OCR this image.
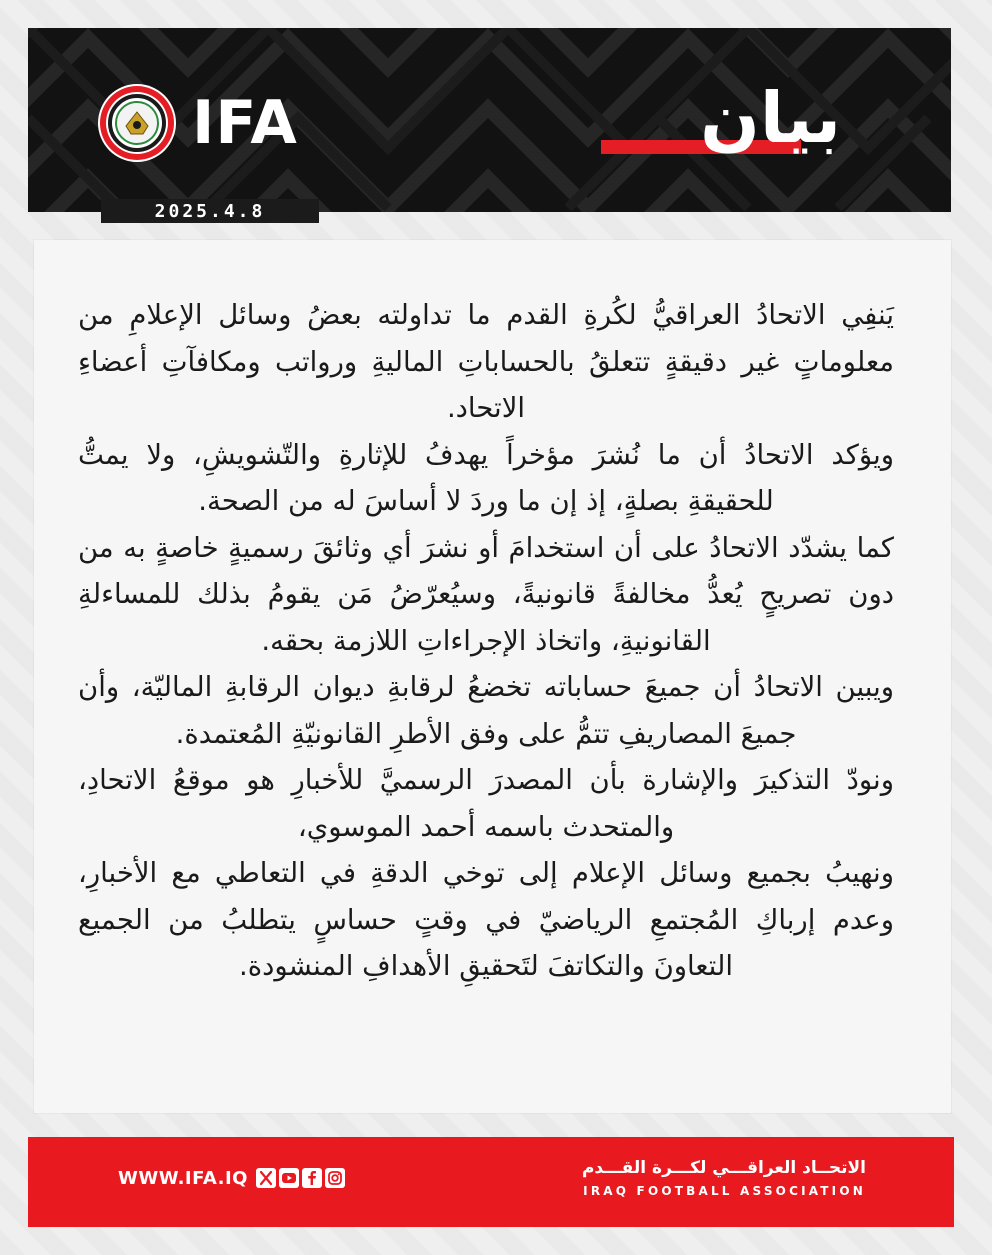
IFA	بيان
2025.4.8

يَنفِي الاتحادُ العراقيُّ لكُرةِ القدم ما تداولته بعضُ وسائل الإعلامِ من معلوماتٍ غير دقيقةٍ تتعلقُ بالحساباتِ الماليةِ ورواتب ومكافآتِ أعضاءِ الاتحاد.

ويؤكد الاتحادُ أن ما نُشرَ مؤخراً يهدفُ للإثارةِ والتّشويشِ، ولا يمتُّ للحقيقةِ بصلةٍ، إذ إن ما وردَ لا أساسَ له من الصحة.

كما يشدّد الاتحادُ على أن استخدامَ أو نشرَ أي وثائقَ رسميةٍ خاصةٍ به من دون تصريحٍ يُعدُّ مخالفةً قانونيةً، وسيُعرّضُ مَن يقومُ بذلك للمساءلةِ القانونيةِ، واتخاذ الإجراءاتِ اللازمة بحقه.

ويبين الاتحادُ أن جميعَ حساباته تخضعُ لرقابةِ ديوان الرقابةِ الماليّة، وأن جميعَ المصاريفِ تتمُّ على وفق الأطرِ القانونيّةِ المُعتمدة.

ونودّ التذكيرَ والإشارة بأن المصدرَ الرسميَّ للأخبارِ هو موقعُ الاتحادِ، والمتحدث باسمه أحمد الموسوي،

ونهيبُ بجميع وسائل الإعلام إلى توخي الدقةِ في التعاطي مع الأخبارِ، وعدم إرباكِ المُجتمعِ الرياضيّ في وقتٍ حساسٍ يتطلبُ من الجميع التعاونَ والتكاتفَ لتَحقيقِ الأهدافِ المنشودة.

WWW.IFA.IQ	الاتحــاد العراقـــي لكـــرة القـــدم
IRAQ FOOTBALL ASSOCIATION
